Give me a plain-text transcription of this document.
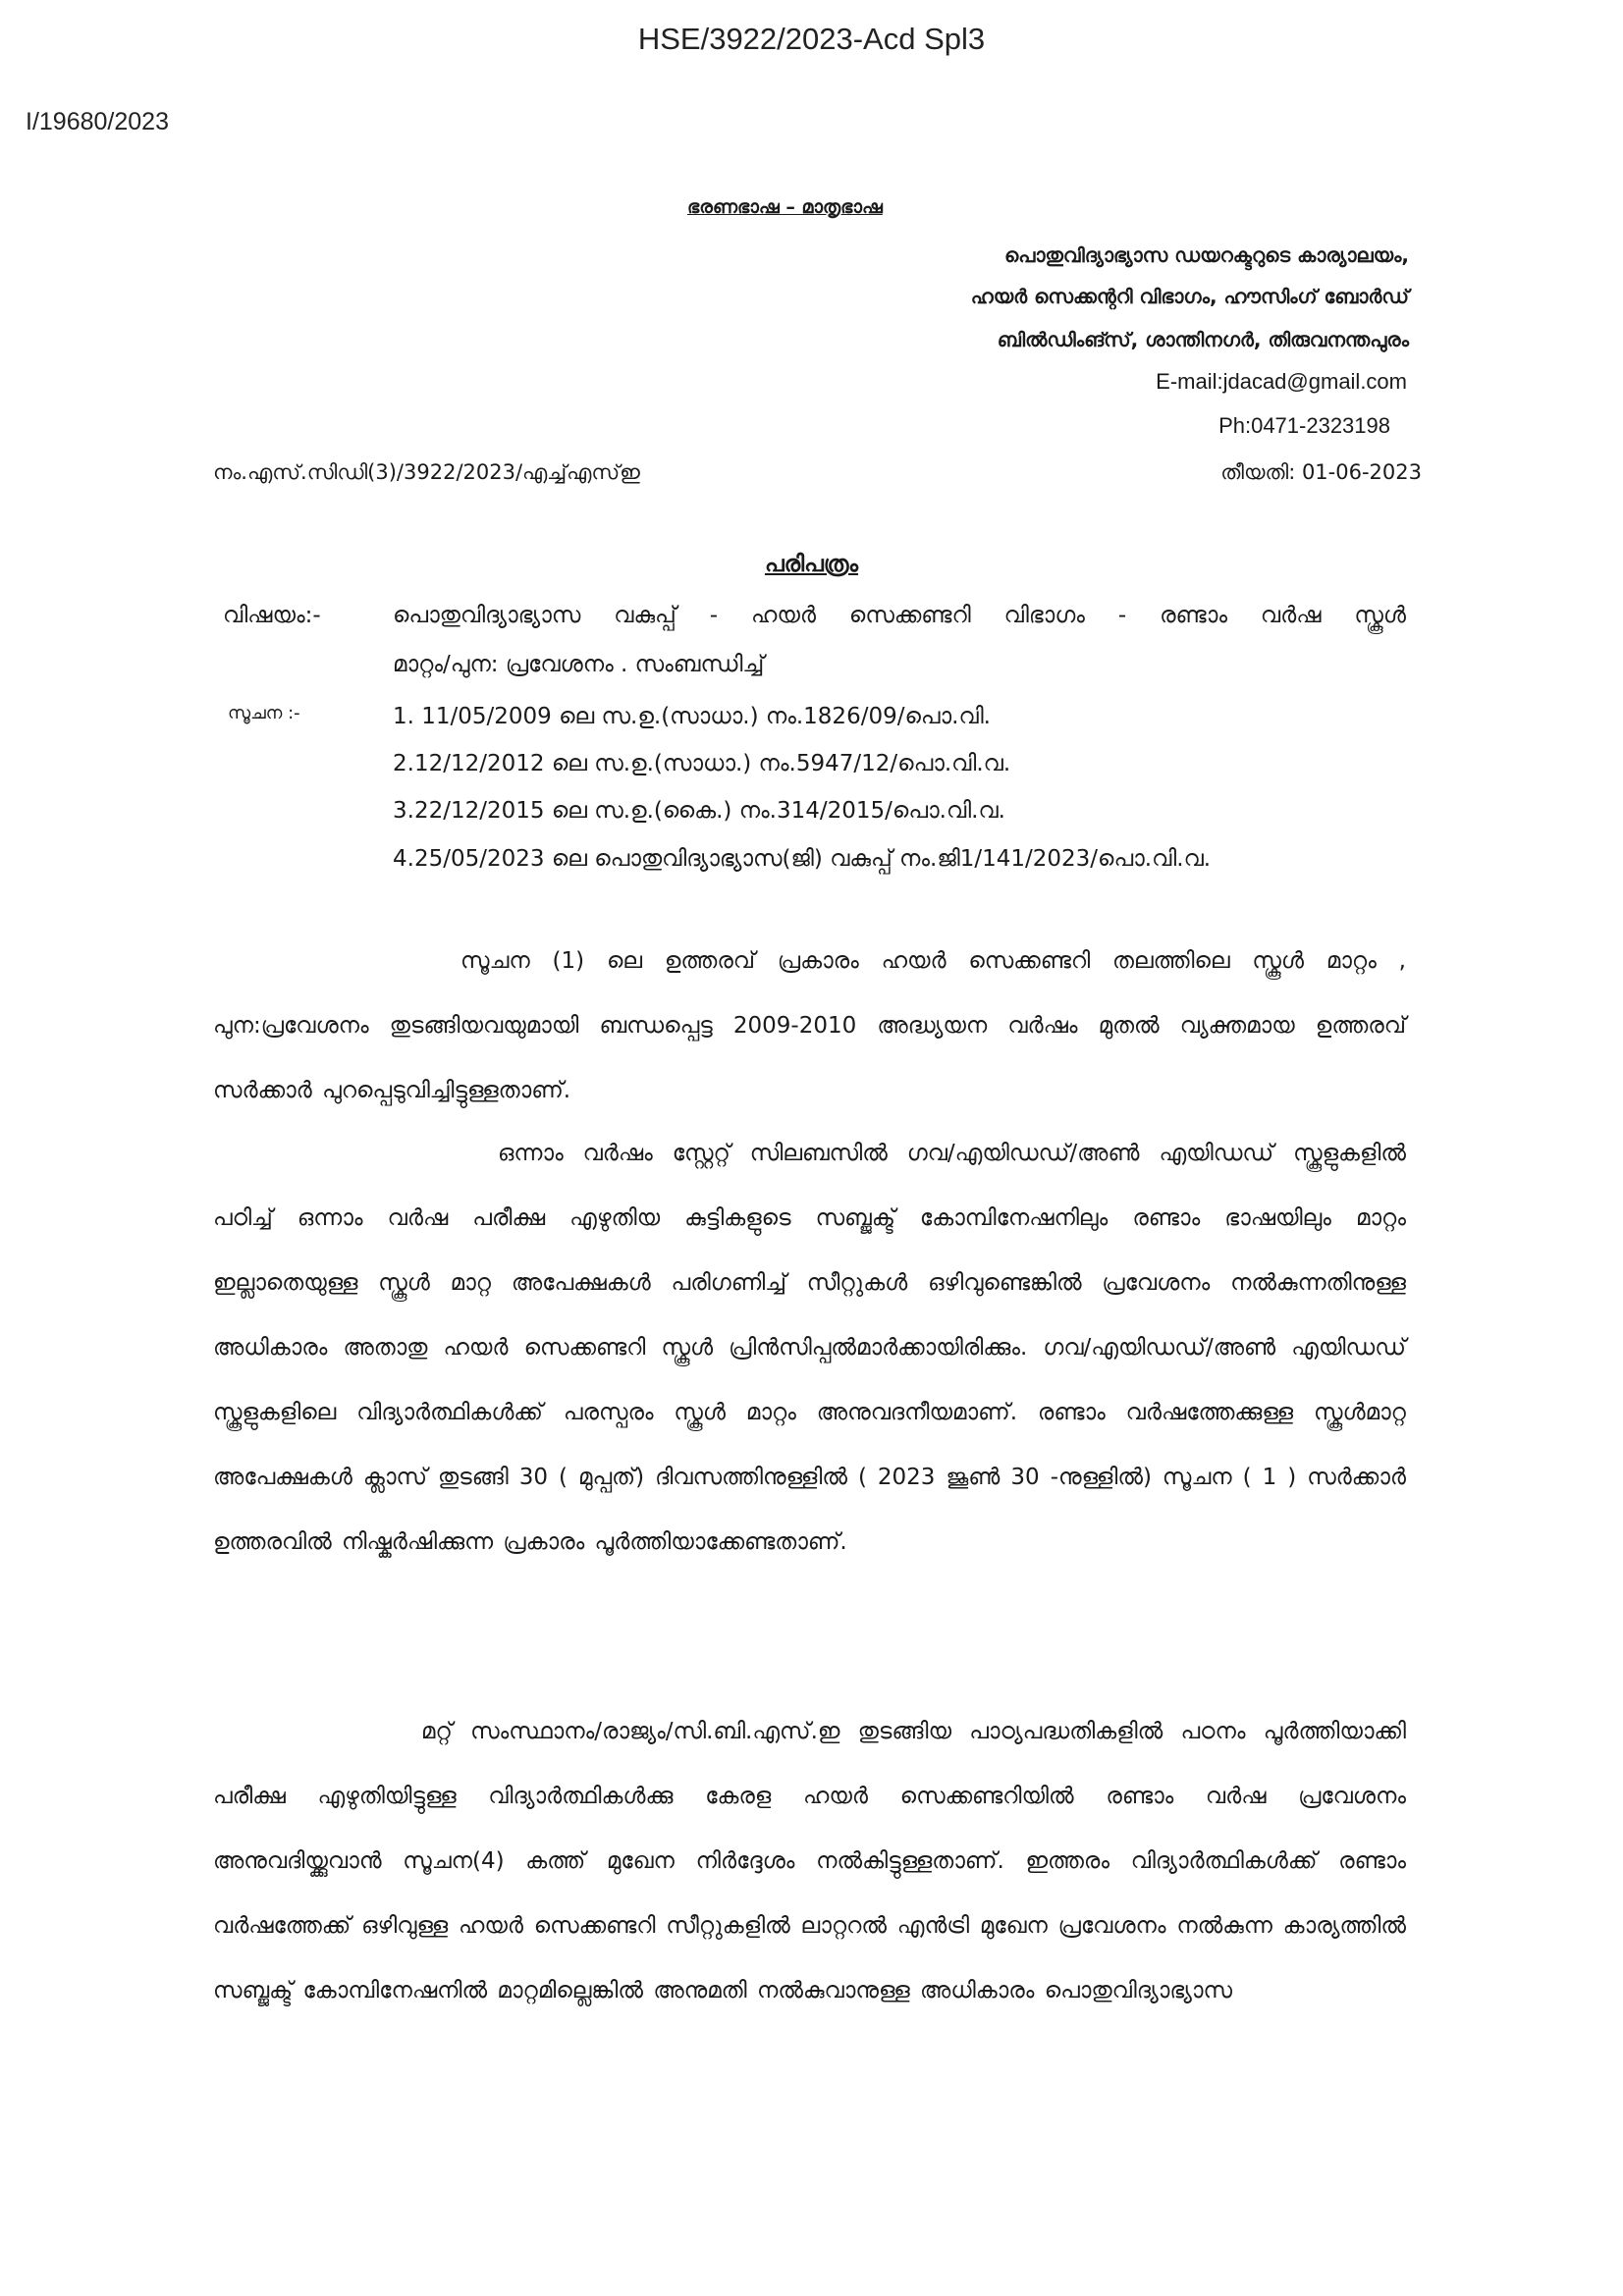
HSE/3922/2023-Acd Spl3
I/19680/2023
ഭരണഭാഷ – മാതൃഭാഷ
പൊതുവിദ്യാഭ്യാസ ഡയറക്ടറുടെ കാര്യാലയം,
ഹയർ സെക്കന്ററി വിഭാഗം, ഹൗസിംഗ് ബോർഡ്
ബിൽഡിംങ്സ്, ശാന്തിനഗർ, തിരുവനന്തപുരം
E-mail:jdacad@gmail.com
Ph:0471-2323198
നം.എസ്.സിഡി(3)/3922/2023/എച്ച്എസ്ഇ	തീയതി: 01-06-2023
പരിപത്രം
വിഷയം:-	പൊതുവിദ്യാഭ്യാസ വകുപ്പ് - ഹയർ സെക്കണ്ടറി വിഭാഗം - രണ്ടാം വർഷ സ്കൂൾ
മാറ്റം/പുന: പ്രവേശനം . സംബന്ധിച്ച്
സൂചന :-	1. 11/05/2009 ലെ സ.ഉ.(സാധാ.) നം.1826/09/പൊ.വി.
2.12/12/2012 ലെ സ.ഉ.(സാധാ.) നം.5947/12/പൊ.വി.വ.
3.22/12/2015 ലെ സ.ഉ.(കൈ.) നം.314/2015/പൊ.വി.വ.
4.25/05/2023 ലെ പൊതുവിദ്യാഭ്യാസ(ജി) വകുപ്പ് നം.ജി1/141/2023/പൊ.വി.വ.

സൂചന (1) ലെ ഉത്തരവ് പ്രകാരം ഹയർ സെക്കണ്ടറി തലത്തിലെ സ്കൂൾ മാറ്റം , പുന:പ്രവേശനം തുടങ്ങിയവയുമായി ബന്ധപ്പെട്ട 2009-2010 അദ്ധ്യയന വർഷം മുതൽ വ്യക്തമായ ഉത്തരവ് സർക്കാർ പുറപ്പെടുവിച്ചിട്ടുള്ളതാണ്.

ഒന്നാം വർഷം സ്റ്റേറ്റ് സിലബസിൽ ഗവ/എയിഡഡ്/അൺ എയിഡഡ് സ്കൂളുകളിൽ പഠിച്ച് ഒന്നാം വർഷ പരീക്ഷ എഴുതിയ കുട്ടികളുടെ സബ്ജക്ട് കോമ്പിനേഷനിലും രണ്ടാം ഭാഷയിലും മാറ്റം ഇല്ലാതെയുള്ള സ്കൂൾ മാറ്റ അപേക്ഷകൾ പരിഗണിച്ച് സീറ്റുകൾ ഒഴിവുണ്ടെങ്കിൽ പ്രവേശനം നൽകുന്നതിനുള്ള അധികാരം അതാതു ഹയർ സെക്കണ്ടറി സ്കൂൾ പ്രിൻസിപ്പൽമാർക്കായിരിക്കും. ഗവ/എയിഡഡ്/അൺ എയിഡഡ് സ്കൂളുകളിലെ വിദ്യാർത്ഥികൾക്ക് പരസ്പരം സ്കൂൾ മാറ്റം അനുവദനീയമാണ്. രണ്ടാം വർഷത്തേക്കുള്ള സ്കൂൾമാറ്റ അപേക്ഷകൾ ക്ലാസ് തുടങ്ങി 30 ( മുപ്പത്) ദിവസത്തിനുള്ളിൽ ( 2023 ജൂൺ 30 -നുള്ളിൽ) സൂചന ( 1 ) സർക്കാർ ഉത്തരവിൽ നിഷ്കർഷിക്കുന്ന പ്രകാരം പൂർത്തിയാക്കേണ്ടതാണ്.

മറ്റ് സംസ്ഥാനം/രാജ്യം/സി.ബി.എസ്.ഇ തുടങ്ങിയ പാഠ്യപദ്ധതികളിൽ പഠനം പൂർത്തിയാക്കി പരീക്ഷ എഴുതിയിട്ടുള്ള വിദ്യാർത്ഥികൾക്കു കേരള ഹയർ സെക്കണ്ടറിയിൽ രണ്ടാം വർഷ പ്രവേശനം അനുവദിയ്ക്കുവാൻ സൂചന(4) കത്ത് മുഖേന നിർദ്ദേശം നൽകിട്ടുള്ളതാണ്. ഇത്തരം വിദ്യാർത്ഥികൾക്ക് രണ്ടാം വർഷത്തേക്ക് ഒഴിവുള്ള ഹയർ സെക്കണ്ടറി സീറ്റുകളിൽ ലാറ്ററൽ എൻട്രി മുഖേന പ്രവേശനം നൽകുന്ന കാര്യത്തിൽ സബ്ജക്ട് കോമ്പിനേഷനിൽ മാറ്റമില്ലെങ്കിൽ അനുമതി നൽകുവാനുള്ള അധികാരം പൊതുവിദ്യാഭ്യാസ
